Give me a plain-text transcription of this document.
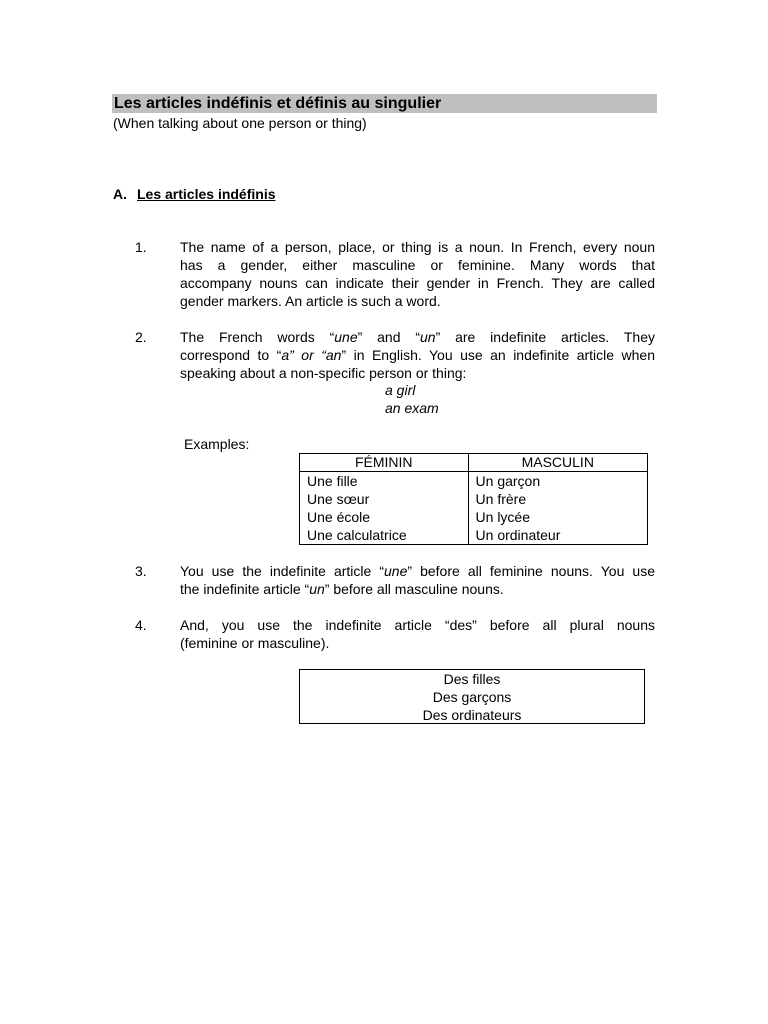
Les articles indéfinis et définis au singulier
(When talking about one person or thing)
A. Les articles indéfinis
1. The name of a person, place, or thing is a noun. In French, every noun
has a gender, either masculine or feminine. Many words that
accompany nouns can indicate their gender in French. They are called
gender markers. An article is such a word.
2. The French words “une” and “un” are indefinite articles. They
correspond to “a” or “an” in English. You use an indefinite article when
speaking about a non-specific person or thing:
a girl
an exam
Examples:
FÉMININ	MASCULIN
Une fille	Un garçon
Une sœur	Un frère
Une école	Un lycée
Une calculatrice	Un ordinateur
3. You use the indefinite article “une” before all feminine nouns. You use
the indefinite article “un” before all masculine nouns.
4. And, you use the indefinite article “des” before all plural nouns
(feminine or masculine).
Des filles
Des garçons
Des ordinateurs
